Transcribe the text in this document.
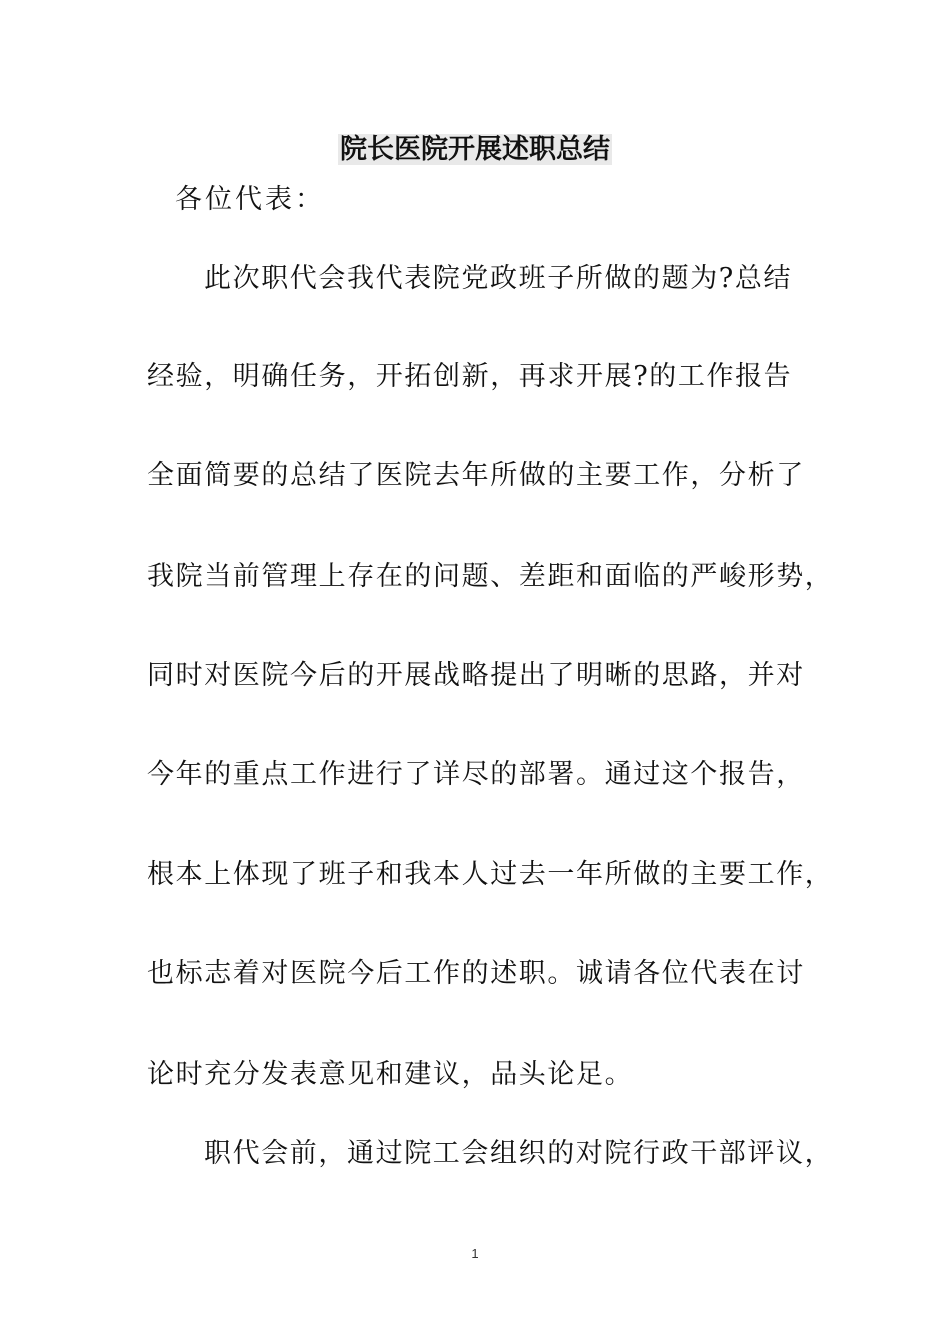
院长医院开展述职总结
各位代表：
此次职代会我代表院党政班子所做的题为?总结
经验，明确任务，开拓创新，再求开展?的工作报告
全面简要的总结了医院去年所做的主要工作，分析了
我院当前管理上存在的问题、差距和面临的严峻形势，
同时对医院今后的开展战略提出了明晰的思路，并对
今年的重点工作进行了详尽的部署。通过这个报告，
根本上体现了班子和我本人过去一年所做的主要工作，
也标志着对医院今后工作的述职。诚请各位代表在讨
论时充分发表意见和建议，品头论足。
职代会前，通过院工会组织的对院行政干部评议，
1
